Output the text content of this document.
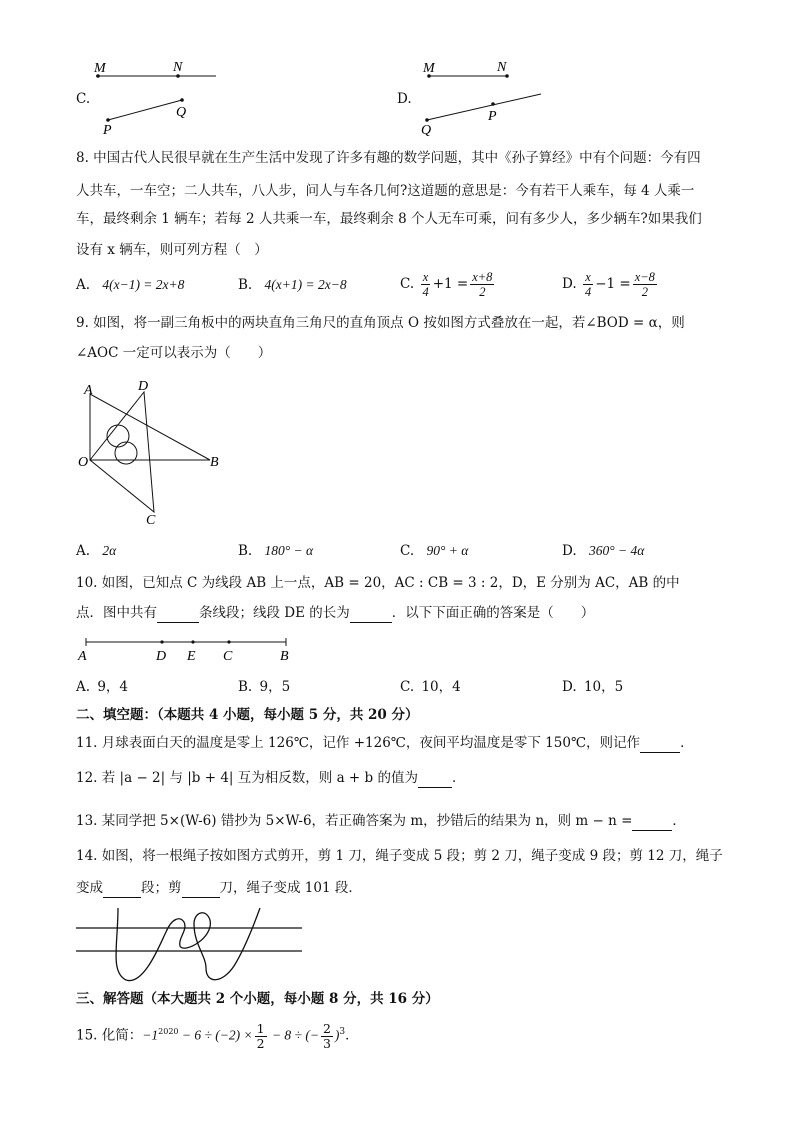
C.
M	N
P
Q
D.
M	N
Q
P
8. 中国古代人民很早就在生产生活中发现了许多有趣的数学问题，其中《孙子算经》中有个问题：今有四
人共车，一车空；二人共车，八人步，问人与车各几何?这道题的意思是：今有若干人乘车，每 4 人乘一
车，最终剩余 1 辆车；若每 2 人共乘一车，最终剩余 8 个人无车可乘，问有多少人，多少辆车?如果我们
设有 x 辆车，则可列方程（　）
A. 4(x−1) = 2x+8	B. 4(x+1) = 2x−8	C. $\frac{x}{4} +1 = \frac{x+8}{2}$	D. $\frac{x}{4} -1 = \frac{x-8}{2}$
9. 如图，将一副三角板中的两块直角三角尺的直角顶点 O 按如图方式叠放在一起，若∠BOD = α，则
∠AOC 一定可以表示为（　　）
A	D
O	B
C
A. 2α	B. 180° − α	C. 90° + α	D. 360° − 4α
10. 如图，已知点 C 为线段 AB 上一点，AB = 20，AC : CB = 3 : 2，D，E 分别为 AC，AB 的中
点．图中共有	条线段；线段 DE 的长为	．以下下面正确的答案是（　　）
A	D E C	B
A. 9，4	B. 9，5	C. 10，4	D. 10，5
二、填空题：（本题共 4 小题，每小题 5 分，共 20 分）
11. 月球表面白天的温度是零上 126℃，记作 +126℃，夜间平均温度是零下 150℃，则记作	．
12. 若 |a − 2| 与 |b + 4| 互为相反数，则 a + b 的值为	．
13. 某同学把 5×(W-6) 错抄为 5×W-6，若正确答案为 m，抄错后的结果为 n，则 m − n =	．
14. 如图，将一根绳子按如图方式剪开，剪 1 刀，绳子变成 5 段；剪 2 刀，绳子变成 9 段；剪 12 刀，绳子
变成	段；剪	刀，绳子变成 101 段．
三、解答题（本大题共 2 个小题，每小题 8 分，共 16 分）
15. 化简：$-1^{2020} - 6 \div (-2) \times \frac{1}{2} - 8$ ÷ (− $\frac{2}{3} )^3$．
